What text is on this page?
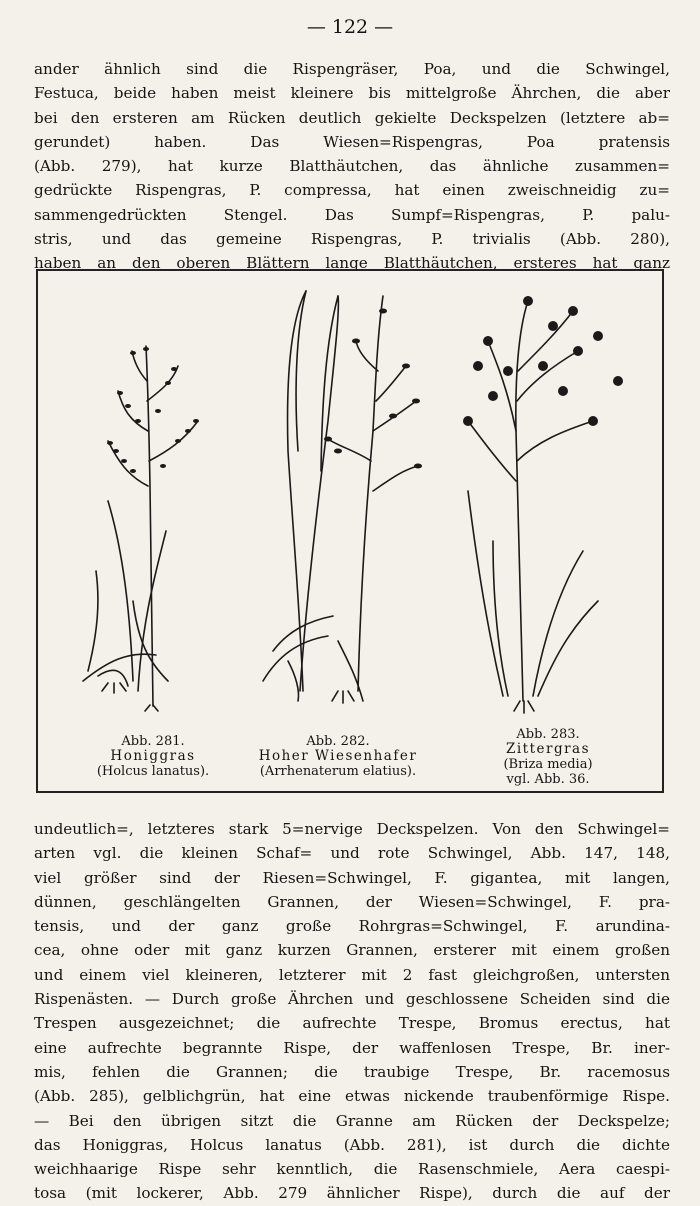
— 122 —
ander ähnlich sind die Rispengräser, Poa, und die Schwingel,
Festuca, beide haben meist kleinere bis mittelgroße Ährchen, die aber
bei den ersteren am Rücken deutlich gekielte Deckspelzen (letztere ab=
gerundet) haben. Das Wiesen=Rispengras, Poa pratensis
(Abb. 279), hat kurze Blatthäutchen, das ähnliche zusammen=
gedrückte Rispengras, P. compressa, hat einen zweischneidig zu=
sammengedrückten Stengel. Das Sumpf=Rispengras, P. palu-
stris, und das gemeine Rispengras, P. trivialis (Abb. 280),
haben an den oberen Blättern lange Blatthäutchen, ersteres hat ganz
Abb. 281.
Honiggras
(Holcus lanatus).
Abb. 282.
Hoher Wiesenhafer
(Arrhenaterum elatius).
Abb. 283.
Zittergras
(Briza media)
vgl. Abb. 36.
undeutlich=, letzteres stark 5=nervige Deckspelzen. Von den Schwingel=
arten vgl. die kleinen Schaf= und rote Schwingel, Abb. 147, 148,
viel größer sind der Riesen=Schwingel, F. gigantea, mit langen,
dünnen, geschlängelten Grannen, der Wiesen=Schwingel, F. pra-
tensis, und der ganz große Rohrgras=Schwingel, F. arundina-
cea, ohne oder mit ganz kurzen Grannen, ersterer mit einem großen
und einem viel kleineren, letzterer mit 2 fast gleichgroßen, untersten
Rispenästen. — Durch große Ährchen und geschlossene Scheiden sind die
Trespen ausgezeichnet; die aufrechte Trespe, Bromus erectus, hat
eine aufrechte begrannte Rispe, der waffenlosen Trespe, Br. iner-
mis, fehlen die Grannen; die traubige Trespe, Br. racemosus
(Abb. 285), gelblichgrün, hat eine etwas nickende traubenförmige Rispe.
— Bei den übrigen sitzt die Granne am Rücken der Deckspelze;
das Honiggras, Holcus lanatus (Abb. 281), ist durch die dichte
weichhaarige Rispe sehr kenntlich, die Rasenschmiele, Aera caespi-
tosa (mit lockerer, Abb. 279 ähnlicher Rispe), durch die auf der
